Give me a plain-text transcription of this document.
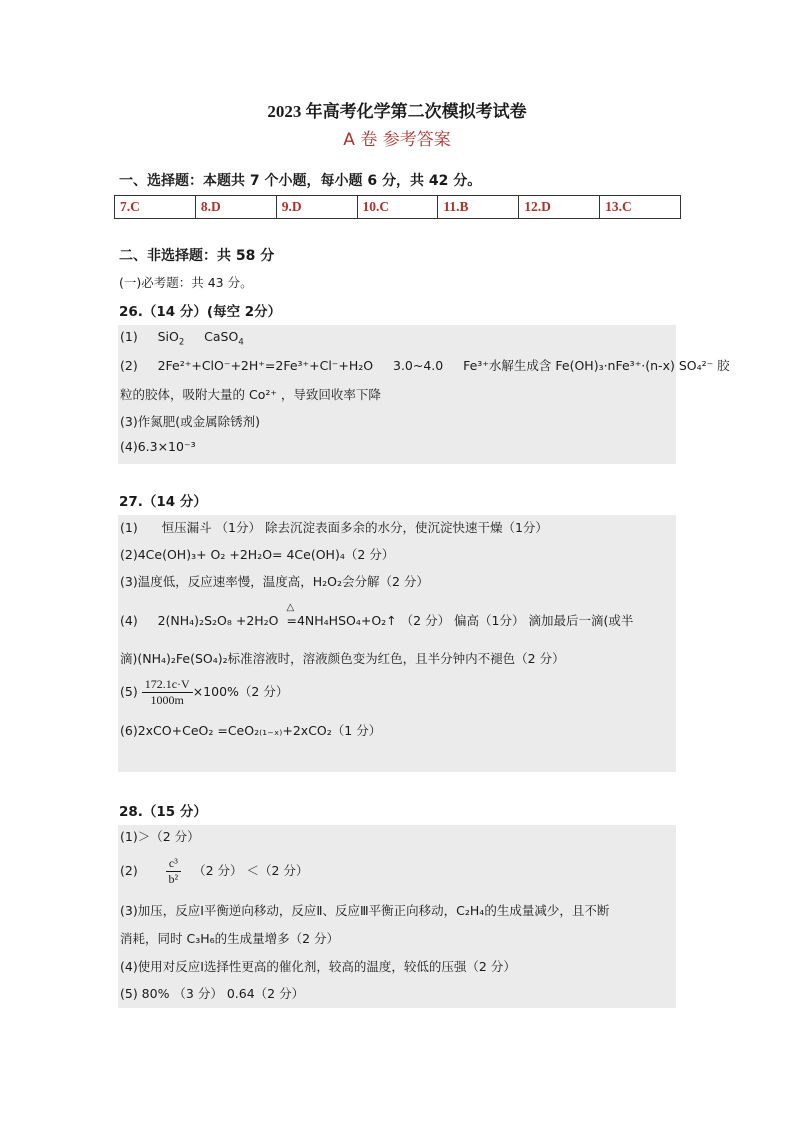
2023 年高考化学第二次模拟考试卷
A 卷 参考答案
一、选择题：本题共 7 个小题，每小题 6 分，共 42 分。
7.C	8.D	9.D	10.C	11.B	12.D	13.C
二、非选择题：共 58 分
(一)必考题：共 43 分。
26.（14 分）(每空 2分）
(1) SiO$_2$ CaSO$_4$
(2) 2Fe²⁺+ClO⁻+2H⁺=2Fe³⁺+Cl⁻+H₂O 3.0~4.0 Fe³⁺水解生成含 Fe(OH)₃·nFe³⁺·(n-x) SO₄²⁻ 胶
粒的胶体，吸附大量的 Co²⁺ ，导致回收率下降
(3)作氮肥(或金属除锈剂)
(4)6.3×10⁻³
27.（14 分）
(1) 恒压漏斗 （1分） 除去沉淀表面多余的水分，使沉淀快速干燥（1分）
(2)4Ce(OH)₃+ O₂ +2H₂O= 4Ce(OH)₄（2 分）
(3)温度低，反应速率慢，温度高，H₂O₂会分解（2 分）
(4) 2(NH₄)₂S₂O₈ +2H₂O
△
=4NH₄HSO₄+O₂↑ （2 分） 偏高（1分） 滴加最后一滴(或半
滴)(NH₄)₂Fe(SO₄)₂标准溶液时，溶液颜色变为红色，且半分钟内不褪色（2 分）
$(5) \frac{172.1c\cdot V}{1000m} \times 100\%(2$ 分）
(6)2xCO+CeO₂ =CeO₂₍₁₋ₓ₎+2xCO₂（1 分）
28.（15 分）
(1)＞（2 分）
$(2) \frac{\text{c³}}{\text{b²}} (2$ 分） ＜（2 分）
(3)加压，反应Ⅰ平衡逆向移动，反应Ⅱ、反应Ⅲ平衡正向移动，C₂H₄的生成量减少，且不断
消耗，同时 C₃H₆的生成量增多（2 分）
(4)使用对反应Ⅰ选择性更高的催化剂，较高的温度，较低的压强（2 分）
(5) 80% （3 分） 0.64（2 分）
